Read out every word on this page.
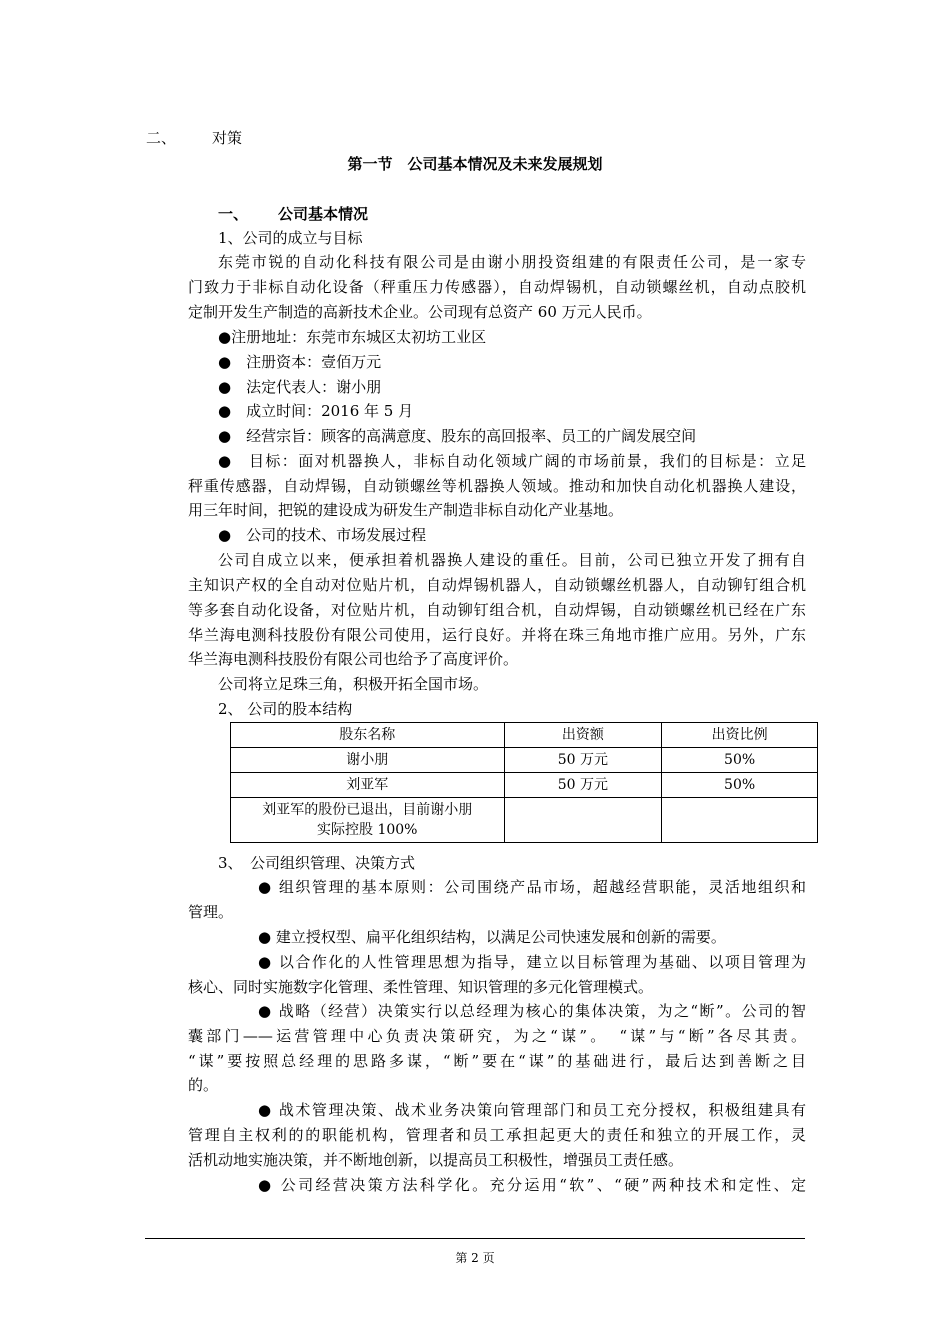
二、 对策
第一节　公司基本情况及未来发展规划
一、 公司基本情况
1、公司的成立与目标
东莞市锐的自动化科技有限公司是由谢小朋投资组建的有限责任公司，是一家专
门致力于非标自动化设备（秤重压力传感器），自动焊锡机，自动锁螺丝机，自动点胶机
定制开发生产制造的高新技术企业。公司现有总资产 60 万元人民币。
●注册地址：东莞市东城区太初坊工业区
●　注册资本：壹佰万元
●　法定代表人：谢小朋
●　成立时间：2016 年 5 月
●　经营宗旨：顾客的高满意度、股东的高回报率、员工的广阔发展空间
●　目标：面对机器换人，非标自动化领域广阔的市场前景，我们的目标是：立足
秤重传感器，自动焊锡，自动锁螺丝等机器换人领域。推动和加快自动化机器换人建设，
用三年时间，把锐的建设成为研发生产制造非标自动化产业基地。
●　公司的技术、市场发展过程
公司自成立以来，便承担着机器换人建设的重任。目前，公司已独立开发了拥有自
主知识产权的全自动对位贴片机，自动焊锡机器人，自动锁螺丝机器人，自动铆钉组合机
等多套自动化设备，对位贴片机，自动铆钉组合机，自动焊锡，自动锁螺丝机已经在广东
华兰海电测科技股份有限公司使用，运行良好。并将在珠三角地市推广应用。另外，广东
华兰海电测科技股份有限公司也给予了高度评价。
公司将立足珠三角，积极开拓全国市场。
2、 公司的股本结构
股东名称	出资额	出资比例
谢小朋	50 万元	50%
刘亚军	50 万元	50%

刘亚军的股份已退出，目前谢小朋
实际控股 100%		

3、　公司组织管理、决策方式
● 组织管理的基本原则：公司围绕产品市场，超越经营职能，灵活地组织和
管理。
● 建立授权型、扁平化组织结构，以满足公司快速发展和创新的需要。
● 以合作化的人性管理思想为指导，建立以目标管理为基础、以项目管理为
核心、同时实施数字化管理、柔性管理、知识管理的多元化管理模式。
● 战略（经营）决策实行以总经理为核心的集体决策，为之“断”。公司的智
囊部门——运营管理中心负责决策研究，为之“谋”。　“谋”与“断”各尽其责。
“谋”要按照总经理的思路多谋，“断”要在“谋”的基础进行，最后达到善断之目
的。
● 战术管理决策、战术业务决策向管理部门和员工充分授权，积极组建具有
管理自主权利的的职能机构，管理者和员工承担起更大的责任和独立的开展工作，灵
活机动地实施决策，并不断地创新，以提高员工积极性，增强员工责任感。
● 公司经营决策方法科学化。充分运用“软”、“硬”两种技术和定性、定
第 2 页
